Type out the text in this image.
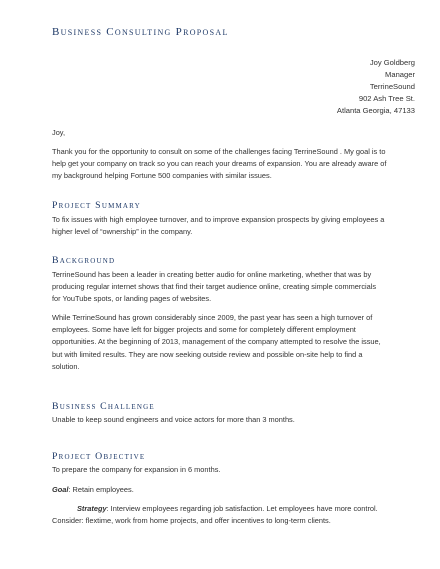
Business Consulting Proposal
Joy Goldberg
Manager
TerrineSound
902 Ash Tree St.
Atlanta Georgia, 47133
Joy,
Thank you for the opportunity to consult on some of the challenges facing TerrineSound . My goal is to
help get your company on track so you can reach your dreams of expansion. You are already aware of
my background helping Fortune 500 companies with similar issues.
Project Summary
To fix issues with high employee turnover, and to improve expansion prospects by giving employees a
higher level of “ownership” in the company.
Background
TerrineSound has been a leader in creating better audio for online marketing, whether that was by
producing regular internet shows that find their target audience online, creating simple commercials
for YouTube spots, or landing pages of websites.
While TerrineSound has grown considerably since 2009, the past year has seen a high turnover of
employees. Some have left for bigger projects and some for completely different employment
opportunities. At the beginning of 2013, management of the company attempted to resolve the issue,
but with limited results. They are now seeking outside review and possible on-site help to find a
solution.
Business Challenge
Unable to keep sound engineers and voice actors for more than 3 months.
Project Objective
To prepare the company for expansion in 6 months.
Goal: Retain employees.
Strategy: Interview employees regarding job satisfaction. Let employees have more control.
Consider: flextime, work from home projects, and offer incentives to long-term clients.
